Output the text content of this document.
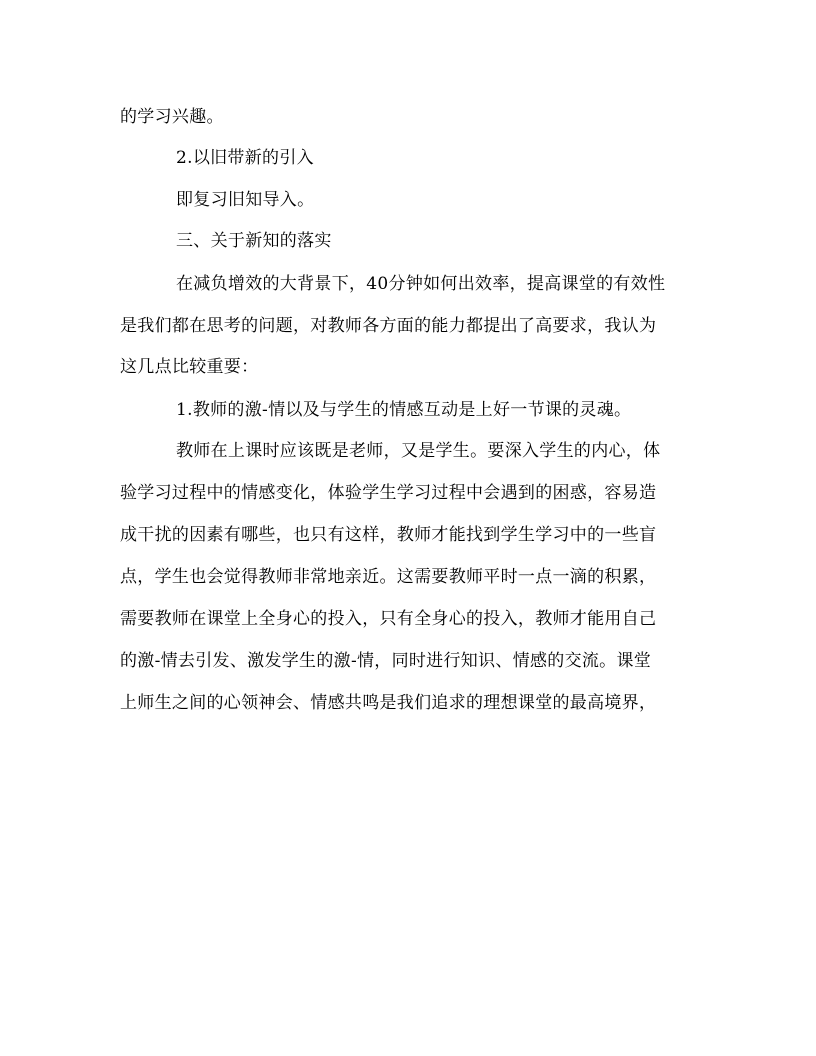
的学习兴趣。
2.以旧带新的引入
即复习旧知导入。
三、关于新知的落实
在减负增效的大背景下，40分钟如何出效率，提高课堂的有效性
是我们都在思考的问题，对教师各方面的能力都提出了高要求，我认为
这几点比较重要：
1.教师的激-情以及与学生的情感互动是上好一节课的灵魂。
教师在上课时应该既是老师，又是学生。要深入学生的内心，体
验学习过程中的情感变化，体验学生学习过程中会遇到的困惑，容易造
成干扰的因素有哪些，也只有这样，教师才能找到学生学习中的一些盲
点，学生也会觉得教师非常地亲近。这需要教师平时一点一滴的积累，
需要教师在课堂上全身心的投入，只有全身心的投入，教师才能用自己
的激-情去引发、激发学生的激-情，同时进行知识、情感的交流。课堂
上师生之间的心领神会、情感共鸣是我们追求的理想课堂的最高境界，
